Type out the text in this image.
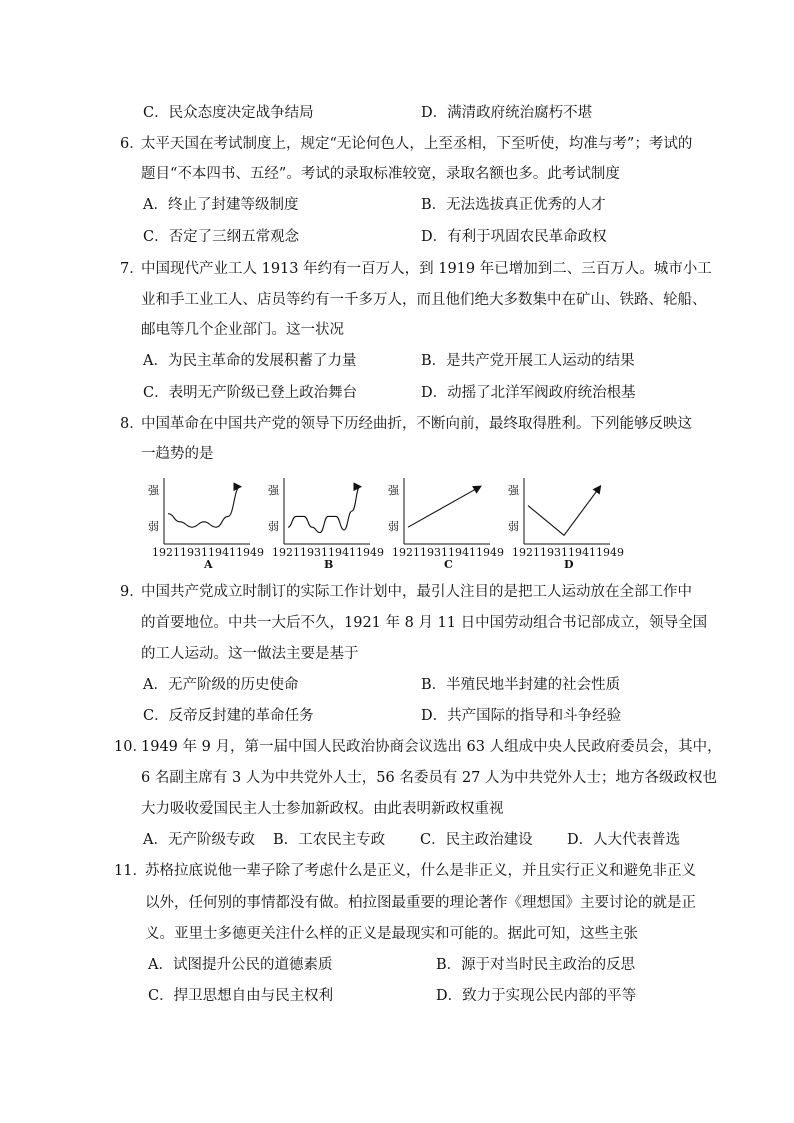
C．民众态度决定战争结局	D．满清政府统治腐朽不堪
6．
太平天国在考试制度上，规定“无论何色人，上至丞相，下至听使，均准与考”；考试的
题目“不本四书、五经”。考试的录取标准较宽，录取名额也多。此考试制度
A．终止了封建等级制度	B．无法选拔真正优秀的人才
C．否定了三纲五常观念	D．有利于巩固农民革命政权
7．
中国现代产业工人 1913 年约有一百万人，到 1919 年已增加到二、三百万人。城市小工
业和手工业工人、店员等约有一千多万人，而且他们绝大多数集中在矿山、铁路、轮船、
邮电等几个企业部门。这一状况
A．为民主革命的发展积蓄了力量	B．是共产党开展工人运动的结果
C．表明无产阶级已登上政治舞台	D．动摇了北洋军阀政府统治根基
8．
中国革命在中国共产党的领导下历经曲折，不断向前，最终取得胜利。下列能够反映这
一趋势的是
强
弱
1921 1931 1941 1949
A
强
弱
1921 1931 1941 1949
B
强
弱
1921 1931 1941 1949
C
强
弱
1921 1931 1941 1949
D
9．
中国共产党成立时制订的实际工作计划中，最引人注目的是把工人运动放在全部工作中
的首要地位。中共一大后不久，1921 年 8 月 11 日中国劳动组合书记部成立，领导全国
的工人运动。这一做法主要是基于
A．无产阶级的历史使命	B．半殖民地半封建的社会性质
C．反帝反封建的革命任务	D．共产国际的指导和斗争经验
10．
1949 年 9 月，第一届中国人民政治协商会议选出 63 人组成中央人民政府委员会，其中，
6 名副主席有 3 人为中共党外人士，56 名委员有 27 人为中共党外人士；地方各级政权也
大力吸收爱国民主人士参加新政权。由此表明新政权重视
A．无产阶级专政 B．工农民主专政 C．民主政治建设 D．人大代表普选
11．
苏格拉底说他一辈子除了考虑什么是正义，什么是非正义，并且实行正义和避免非正义
以外，任何别的事情都没有做。柏拉图最重要的理论著作《理想国》主要讨论的就是正
义。亚里士多德更关注什么样的正义是最现实和可能的。据此可知，这些主张
A．试图提升公民的道德素质	B．源于对当时民主政治的反思
C．捍卫思想自由与民主权利	D．致力于实现公民内部的平等
